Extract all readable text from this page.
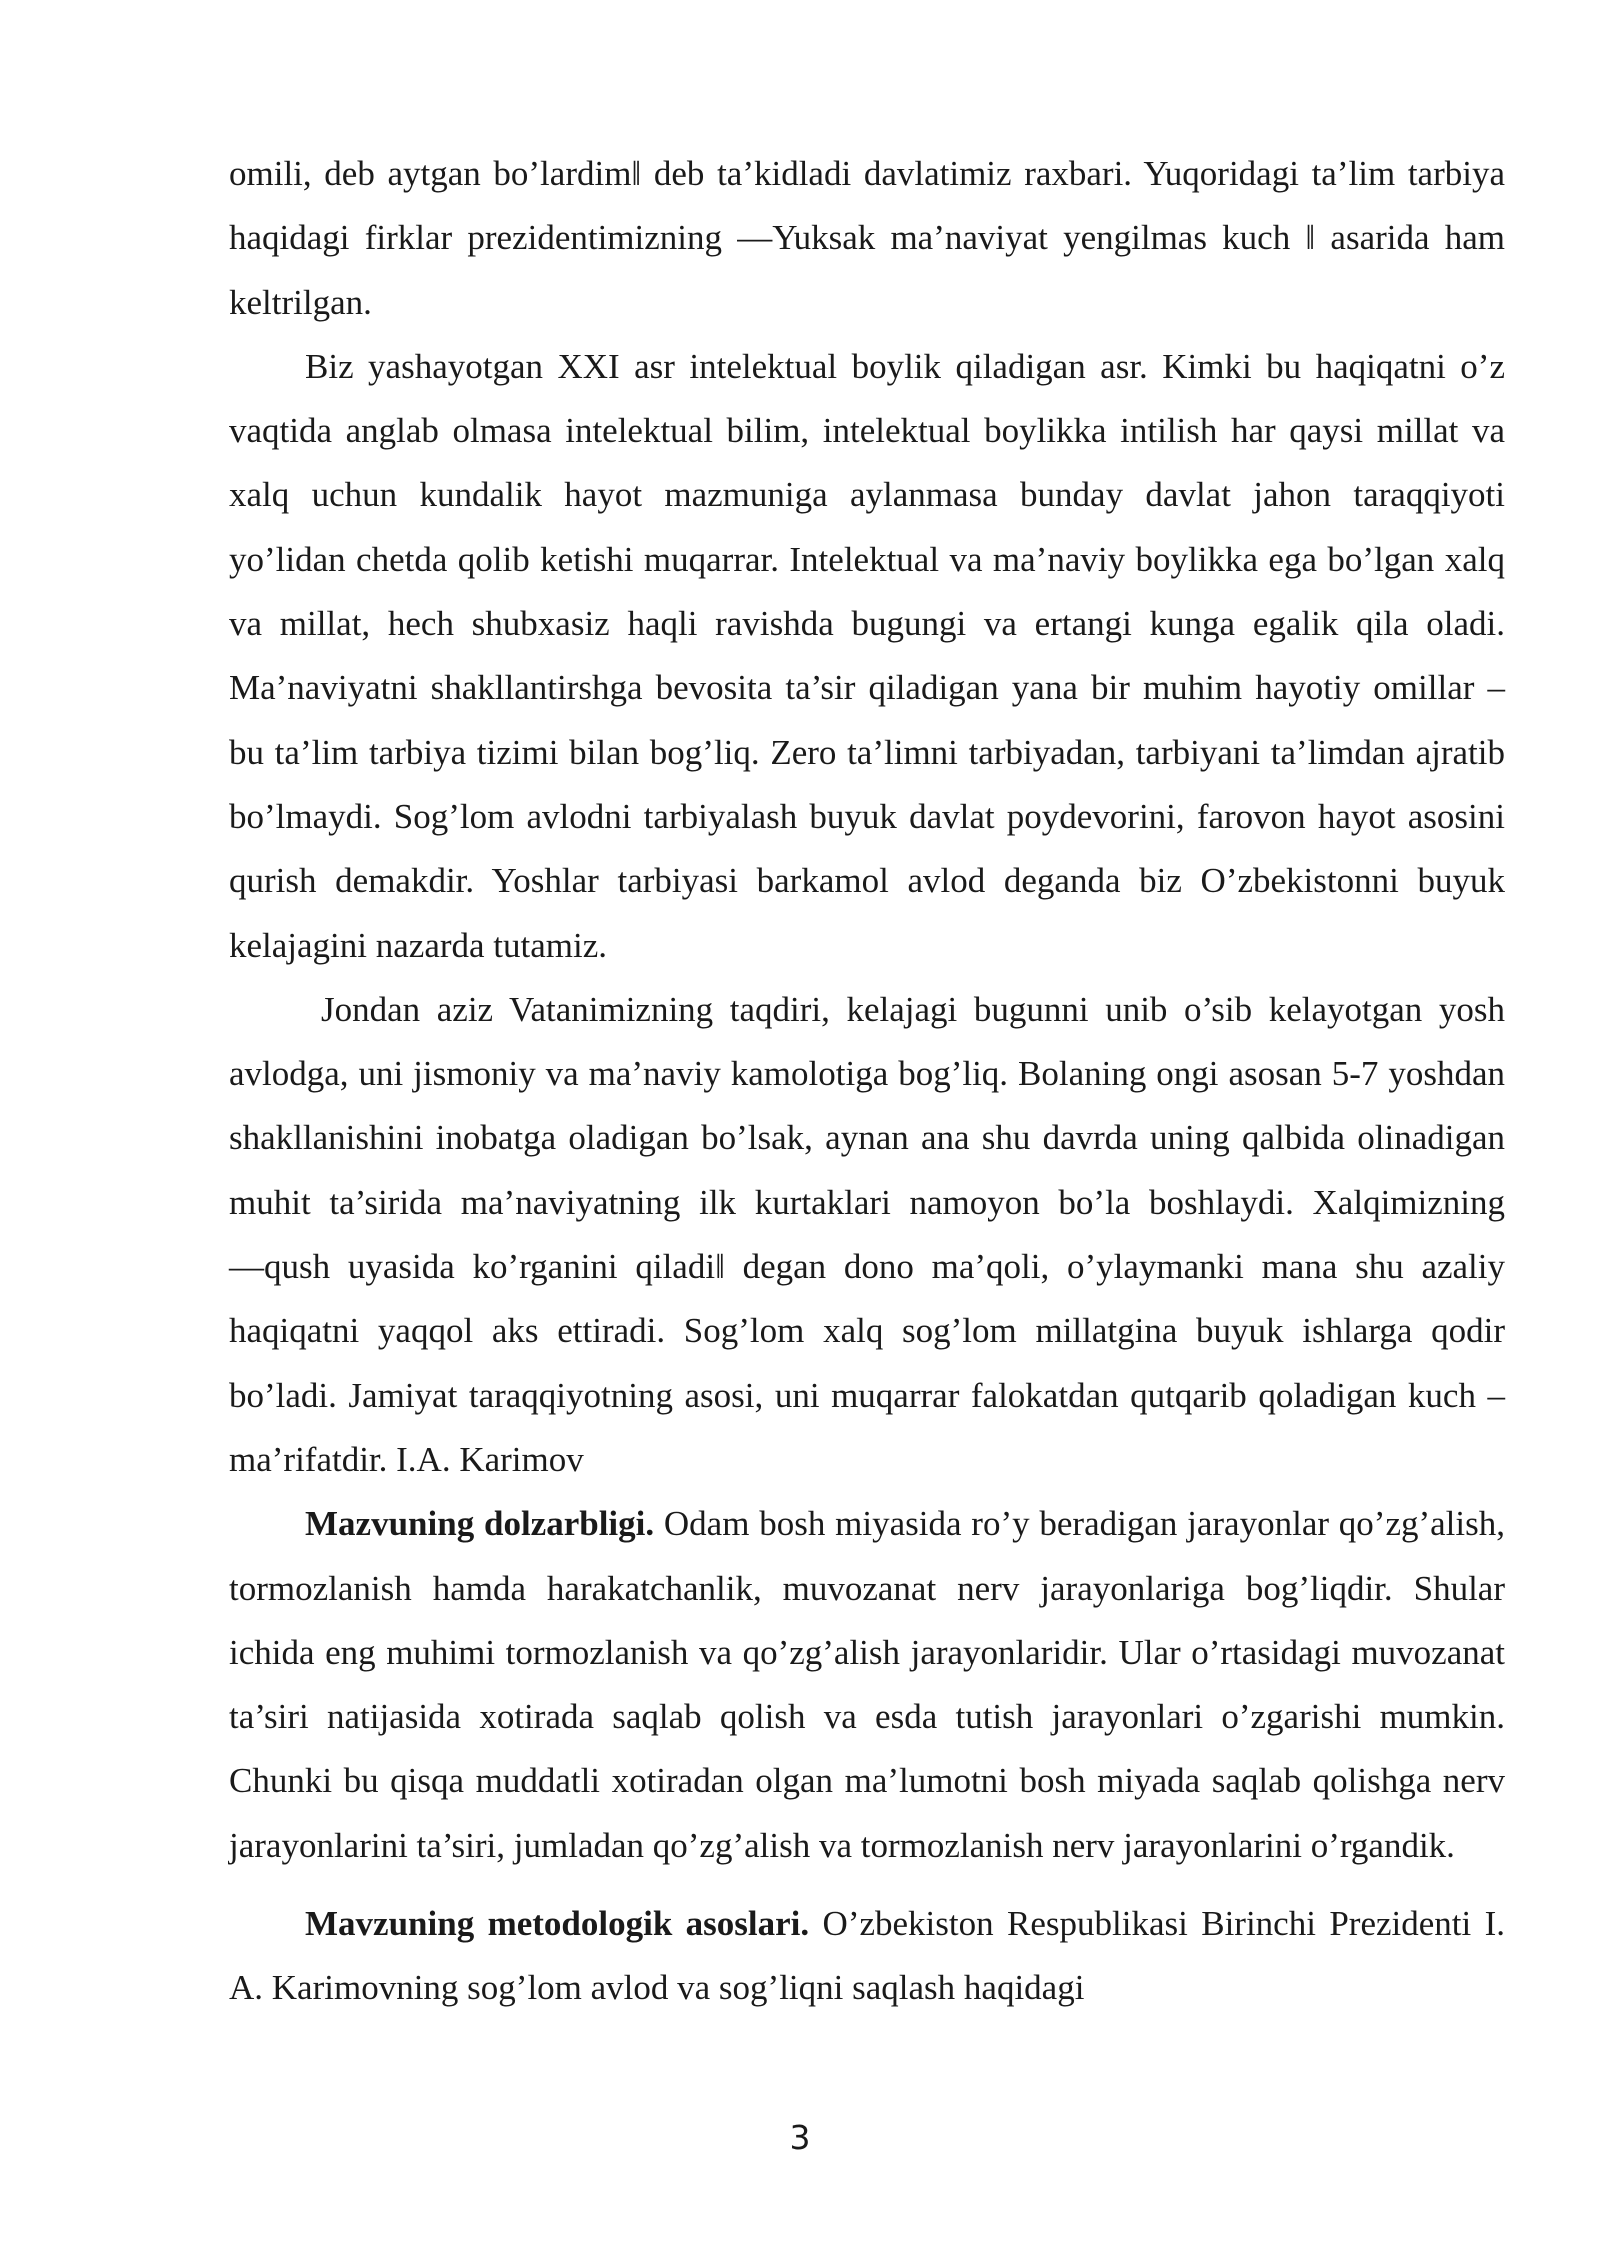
omili, deb aytgan bo’lardim‖ deb ta’kidladi davlatimiz raxbari. Yuqoridagi ta’lim tarbiya haqidagi firklar prezidentimizning ―Yuksak ma’naviyat yengilmas kuch ‖ asarida ham keltrilgan.

Biz yashayotgan XXI asr intelektual boylik qiladigan asr. Kimki bu haqiqatni o’z vaqtida anglab olmasa intelektual bilim, intelektual boylikka intilish har qaysi millat va xalq uchun kundalik hayot mazmuniga aylanmasa bunday davlat jahon taraqqiyoti yo’lidan chetda qolib ketishi muqarrar. Intelektual va ma’naviy boylikka ega bo’lgan xalq va millat, hech shubxasiz haqli ravishda bugungi va ertangi kunga egalik qila oladi. Ma’naviyatni shakllantirshga bevosita ta’sir qiladigan yana bir muhim hayotiy omillar – bu ta’lim tarbiya tizimi bilan bog’liq. Zero ta’limni tarbiyadan, tarbiyani ta’limdan ajratib bo’lmaydi. Sog’lom avlodni tarbiyalash buyuk davlat poydevorini, farovon hayot asosini qurish demakdir. Yoshlar tarbiyasi barkamol avlod deganda biz O’zbekistonni buyuk kelajagini nazarda tutamiz.

Jondan aziz Vatanimizning taqdiri, kelajagi bugunni unib o’sib kelayotgan yosh avlodga, uni jismoniy va ma’naviy kamolotiga bog’liq. Bolaning ongi asosan 5-7 yoshdan shakllanishini inobatga oladigan bo’lsak, aynan ana shu davrda uning qalbida olinadigan muhit ta’sirida ma’naviyatning ilk kurtaklari namoyon bo’la boshlaydi. Xalqimizning ―qush uyasida ko’rganini qiladi‖ degan dono ma’qoli, o’ylaymanki mana shu azaliy haqiqatni yaqqol aks ettiradi. Sog’lom xalq sog’lom millatgina buyuk ishlarga qodir bo’ladi. Jamiyat taraqqiyotning asosi, uni muqarrar falokatdan qutqarib qoladigan kuch – ma’rifatdir. I.A. Karimov

Mazvuning dolzarbligi. Odam bosh miyasida ro’y beradigan jarayonlar qo’zg’alish, tormozlanish hamda harakatchanlik, muvozanat nerv jarayonlariga bog’liqdir. Shular ichida eng muhimi tormozlanish va qo’zg’alish jarayonlaridir. Ular o’rtasidagi muvozanat ta’siri natijasida xotirada saqlab qolish va esda tutish jarayonlari o’zgarishi mumkin. Chunki bu qisqa muddatli xotiradan olgan ma’lumotni bosh miyada saqlab qolishga nerv jarayonlarini ta’siri, jumladan qo’zg’alish va tormozlanish nerv jarayonlarini o’rgandik.

Mavzuning metodologik asoslari. O’zbekiston Respublikasi Birinchi Prezidenti I. A. Karimovning sog’lom avlod va sog’liqni saqlash haqidagi

3
